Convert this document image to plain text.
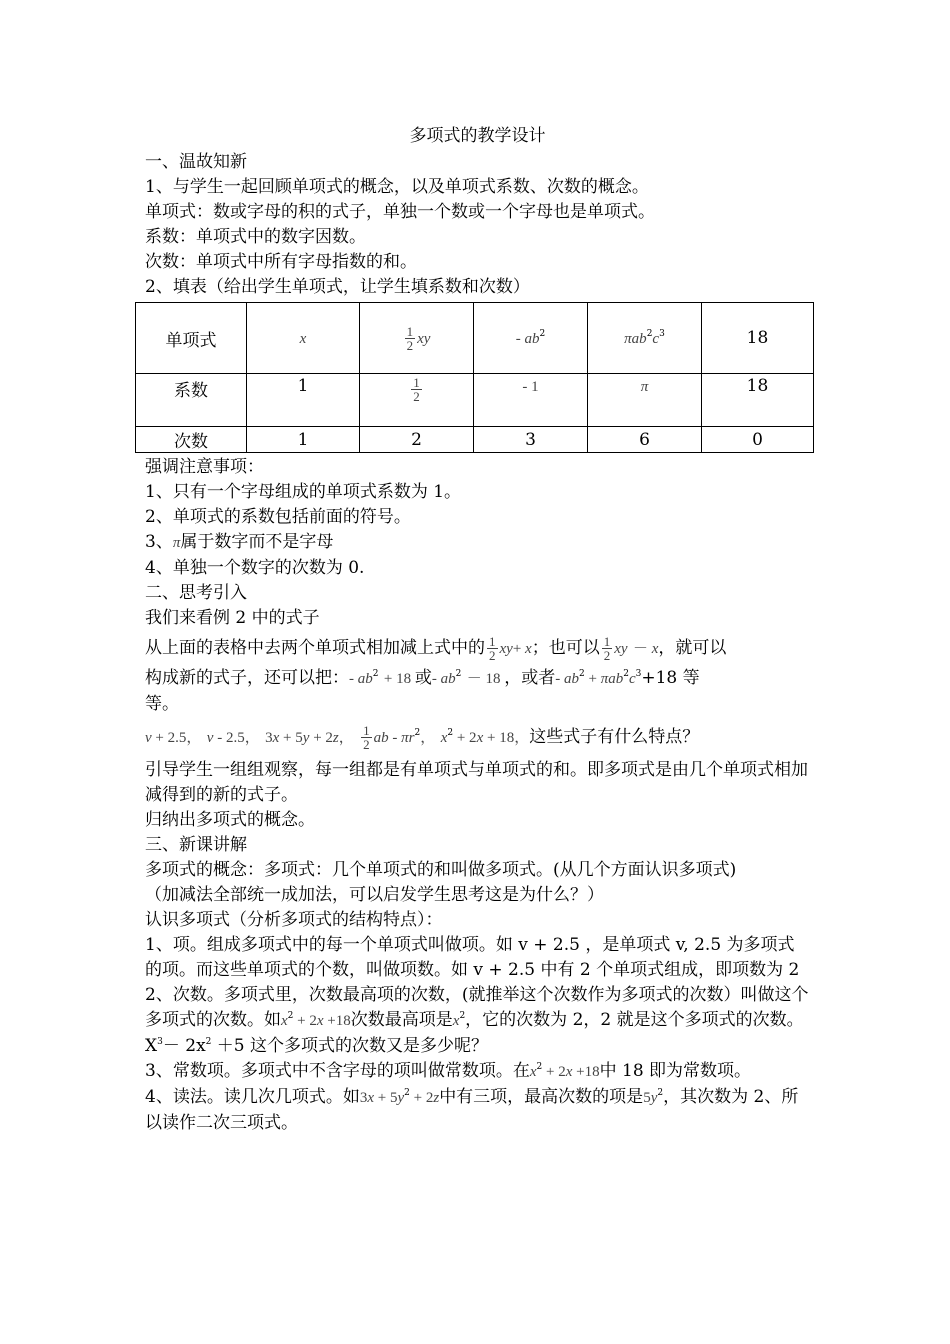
多项式的教学设计

一、温故知新

1、与学生一起回顾单项式的概念，以及单项式系数、次数的概念。

单项式：数或字母的积的式子，单独一个数或一个字母也是单项式。

系数：单项式中的数字因数。

次数：单项式中所有字母指数的和。

2、填表（给出学生单项式，让学生填系数和次数）

单项式	x	$\frac{1}{2}$ xy	- $ab^2$	$\pi ab^2c^3$	18
系数	1	$\frac{1}{2}$	- 1	π	18
次数	1	2	3	6	0

强调注意事项：

1、只有一个字母组成的单项式系数为 1。

2、单项式的系数包括前面的符号。

3、π属于数字而不是字母

4、单独一个数字的次数为 0.

二、思考引入

我们来看例 2 中的式子

从上面的表格中去两个单项式相加减上式中的 $\frac{1}{2} xy+ x$；也可以 $\frac{1}{2}$ xy － x，就可以

构成新的式子，还可以把：- $ab^2 + 18$ 或- $ab^2 - 18$ ，或者- $ab^2 + \pi ab^2c^3+18$ 等

等。

v + 2.5， v - 2.5， 3x + 5y + 2z， $\frac{1}{2}$ ab - $\pi r^2$， $x^2 + 2x + 18$，这些式子有什么特点？

引导学生一组组观察，每一组都是有单项式与单项式的和。即多项式是由几个单项式相加减得到的新的式子。

归纳出多项式的概念。

三、新课讲解

多项式的概念：多项式：几个单项式的和叫做多项式。(从几个方面认识多项式)

（加减法全部统一成加法，可以启发学生思考这是为什么？）

认识多项式（分析多项式的结构特点）：

1、项。组成多项式中的每一个单项式叫做项。如 v + 2.5 ，是单项式 v, 2.5 为多项式的项。而这些单项式的个数，叫做项数。如 v + 2.5 中有 2 个单项式组成，即项数为 2

2、次数。多项式里，次数最高项的次数，(就推举这个次数作为多项式的次数）叫做这个多项式的次数。如$x^2 + 2x +18$次数最高项是$x^2$，它的次数为 2，2 就是这个多项式的次数。$X^3- 2x^2 +5$ 这个多项式的次数又是多少呢？

3、常数项。多项式中不含字母的项叫做常数项。在$x^2 + 2x +18$中 18 即为常数项。

4、读法。读几次几项式。如$3x + 5y^2 + 2z$中有三项，最高次数的项是$5y^2$，其次数为 2、所以读作二次三项式。
